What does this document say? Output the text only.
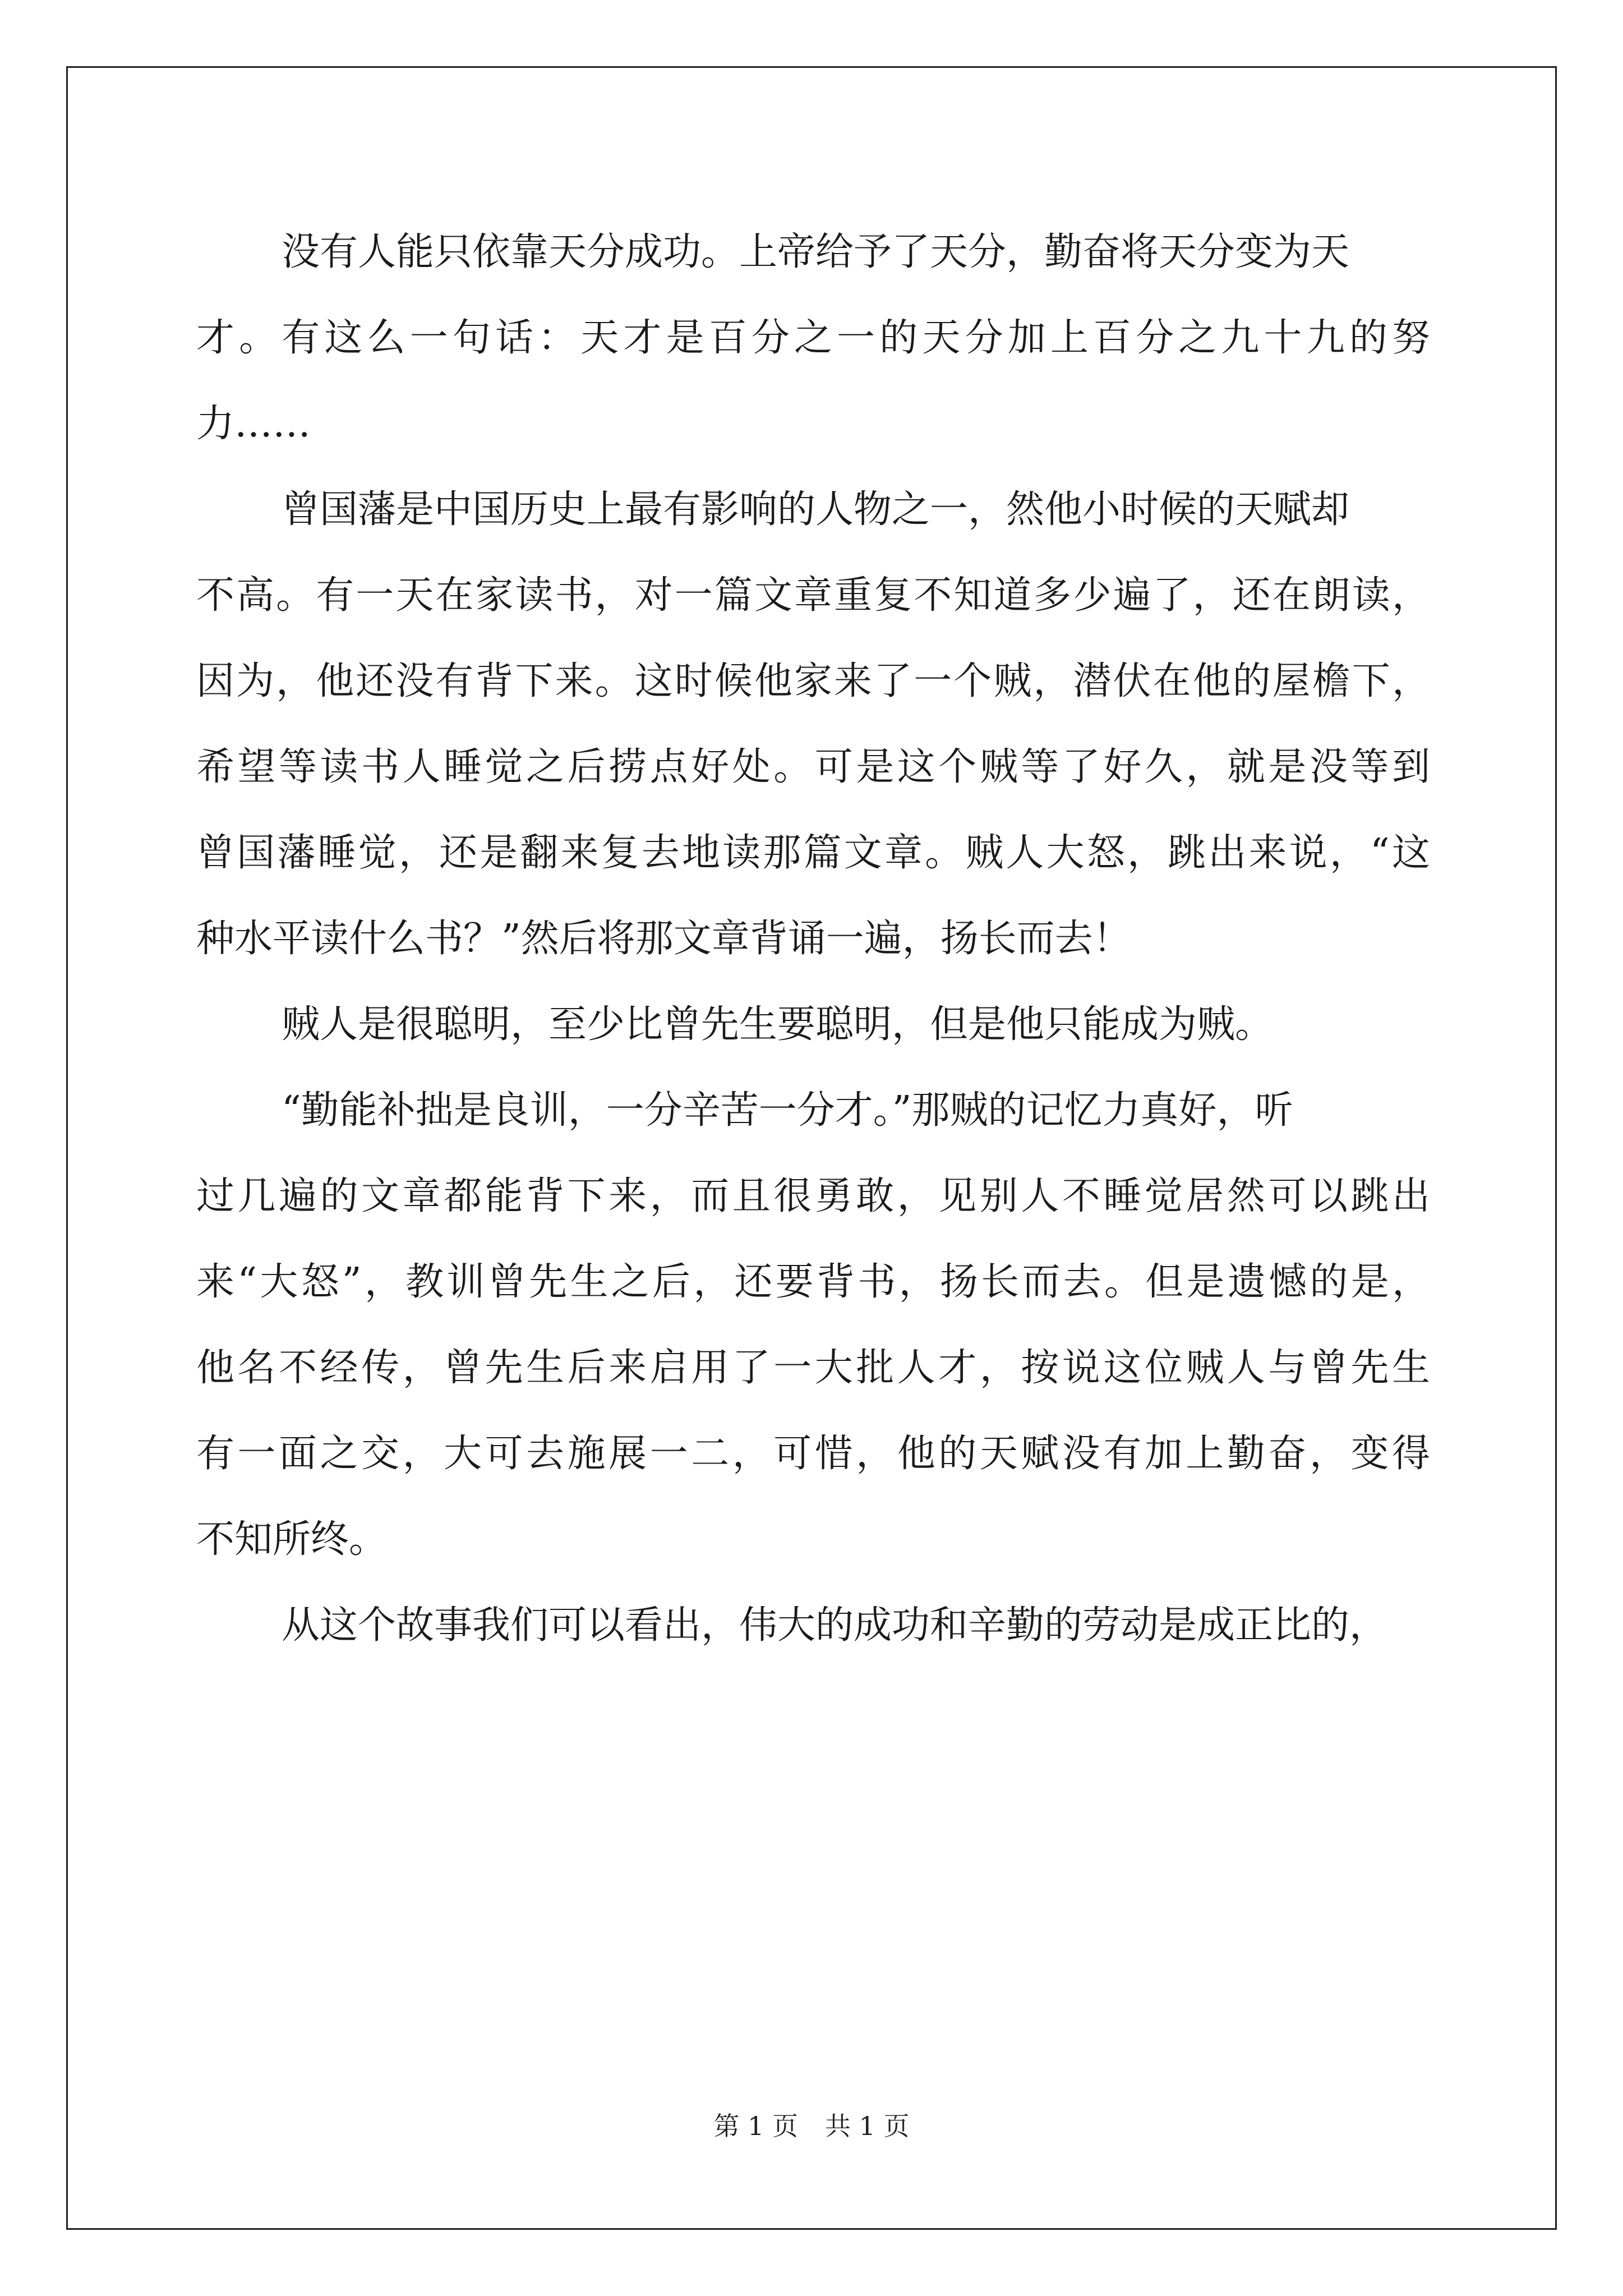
没有人能只依靠天分成功。上帝给予了天分，勤奋将天分变为天
才。有这么一句话：天才是百分之一的天分加上百分之九十九的努
力……
曾国藩是中国历史上最有影响的人物之一，然他小时候的天赋却
不高。有一天在家读书，对一篇文章重复不知道多少遍了，还在朗读，
因为，他还没有背下来。这时候他家来了一个贼，潜伏在他的屋檐下，
希望等读书人睡觉之后捞点好处。可是这个贼等了好久，就是没等到
曾国藩睡觉，还是翻来复去地读那篇文章。贼人大怒，跳出来说，“这
种水平读什么书？”然后将那文章背诵一遍，扬长而去！
贼人是很聪明，至少比曾先生要聪明，但是他只能成为贼。
“勤能补拙是良训，一分辛苦一分才。”那贼的记忆力真好，听
过几遍的文章都能背下来，而且很勇敢，见别人不睡觉居然可以跳出
来“大怒”，教训曾先生之后，还要背书，扬长而去。但是遗憾的是，
他名不经传，曾先生后来启用了一大批人才，按说这位贼人与曾先生
有一面之交，大可去施展一二，可惜，他的天赋没有加上勤奋，变得
不知所终。
从这个故事我们可以看出，伟大的成功和辛勤的劳动是成正比的，
第 1 页 共 1 页
